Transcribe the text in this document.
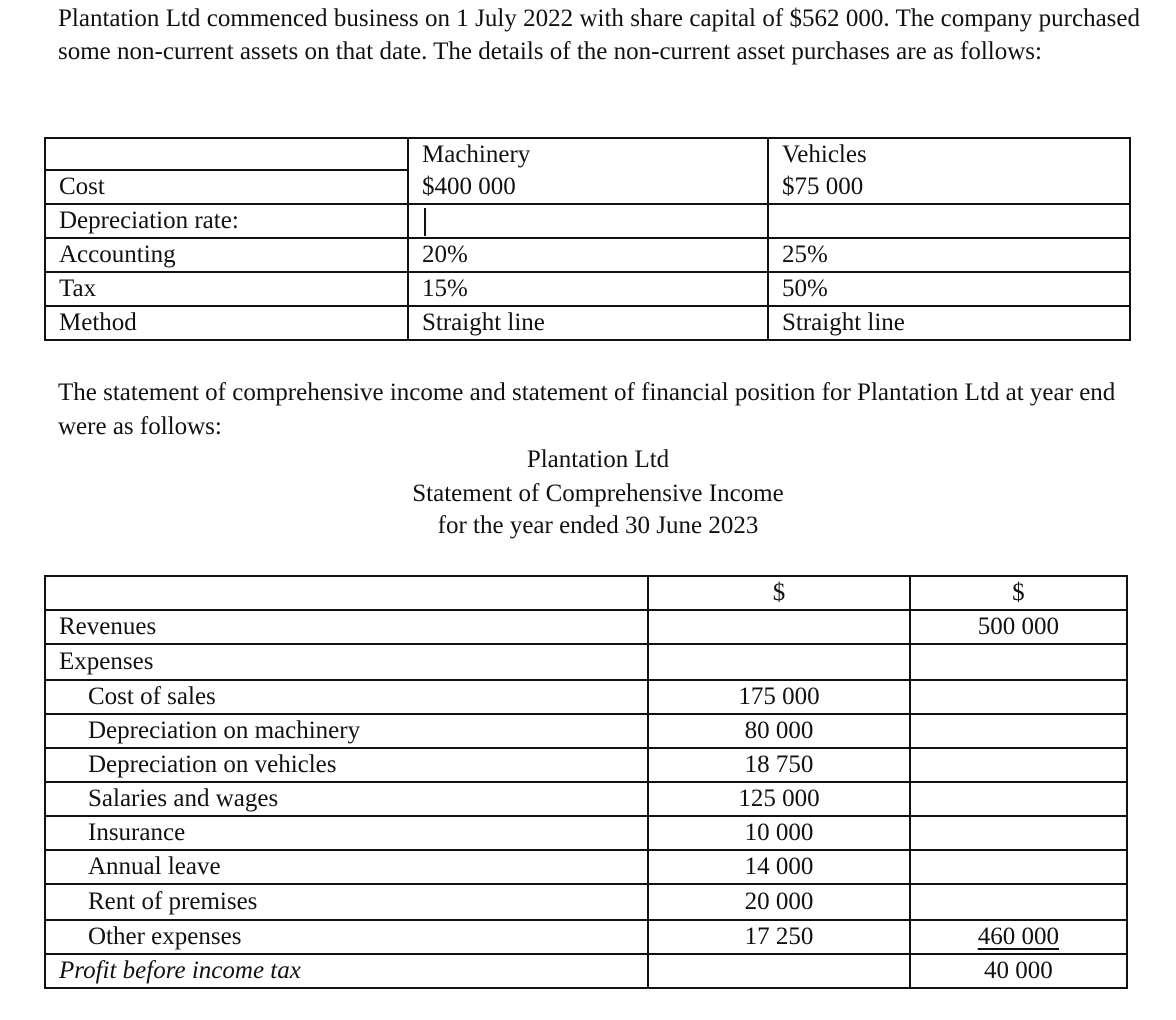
Plantation Ltd commenced business on 1 July 2022 with share capital of $562 000. The company purchased some non-current assets on that date. The details of the non-current asset purchases are as follows:

	Machinery	Vehicles
Cost	$400 000	$75 000
Depreciation rate:		
Accounting	20%	25%
Tax	15%	50%
Method	Straight line	Straight line

The statement of comprehensive income and statement of financial position for Plantation Ltd at year end were as follows:

Plantation Ltd

Statement of Comprehensive Income

for the year ended 30 June 2023

	$	$
Revenues		500 000
Expenses		
Cost of sales	175 000	
Depreciation on machinery	80 000	
Depreciation on vehicles	18 750	
Salaries and wages	125 000	
Insurance	10 000	
Annual leave	14 000	
Rent of premises	20 000	
Other expenses	17 250	460 000
Profit before income tax		40 000
